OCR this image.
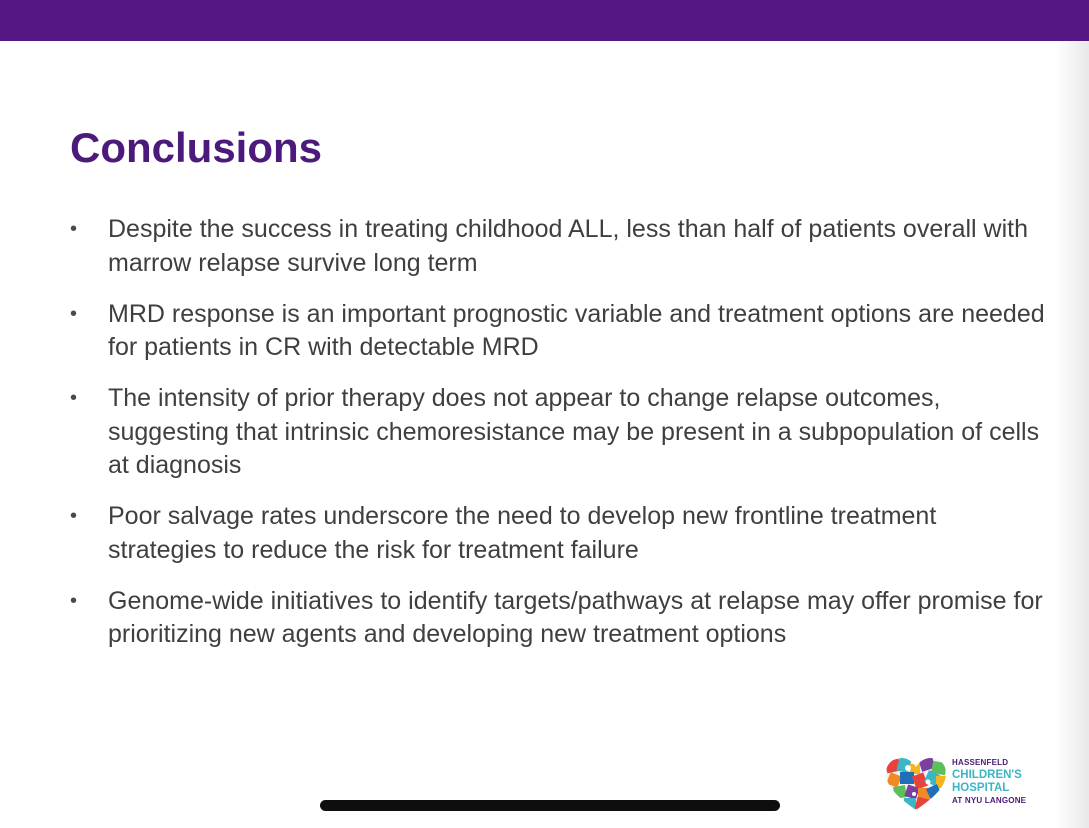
Conclusions
• Despite the success in treating childhood ALL, less than half of patients overall with marrow relapse survive long term
• MRD response is an important prognostic variable and treatment options are needed for patients in CR with detectable MRD
• The intensity of prior therapy does not appear to change relapse outcomes, suggesting that intrinsic chemoresistance may be present in a subpopulation of cells at diagnosis
• Poor salvage rates underscore the need to develop new frontline treatment strategies to reduce the risk for treatment failure
• Genome-wide initiatives to identify targets/pathways at relapse may offer promise for prioritizing new agents and developing new treatment options
HASSENFELD
CHILDREN'S
HOSPITAL
AT NYU LANGONE
